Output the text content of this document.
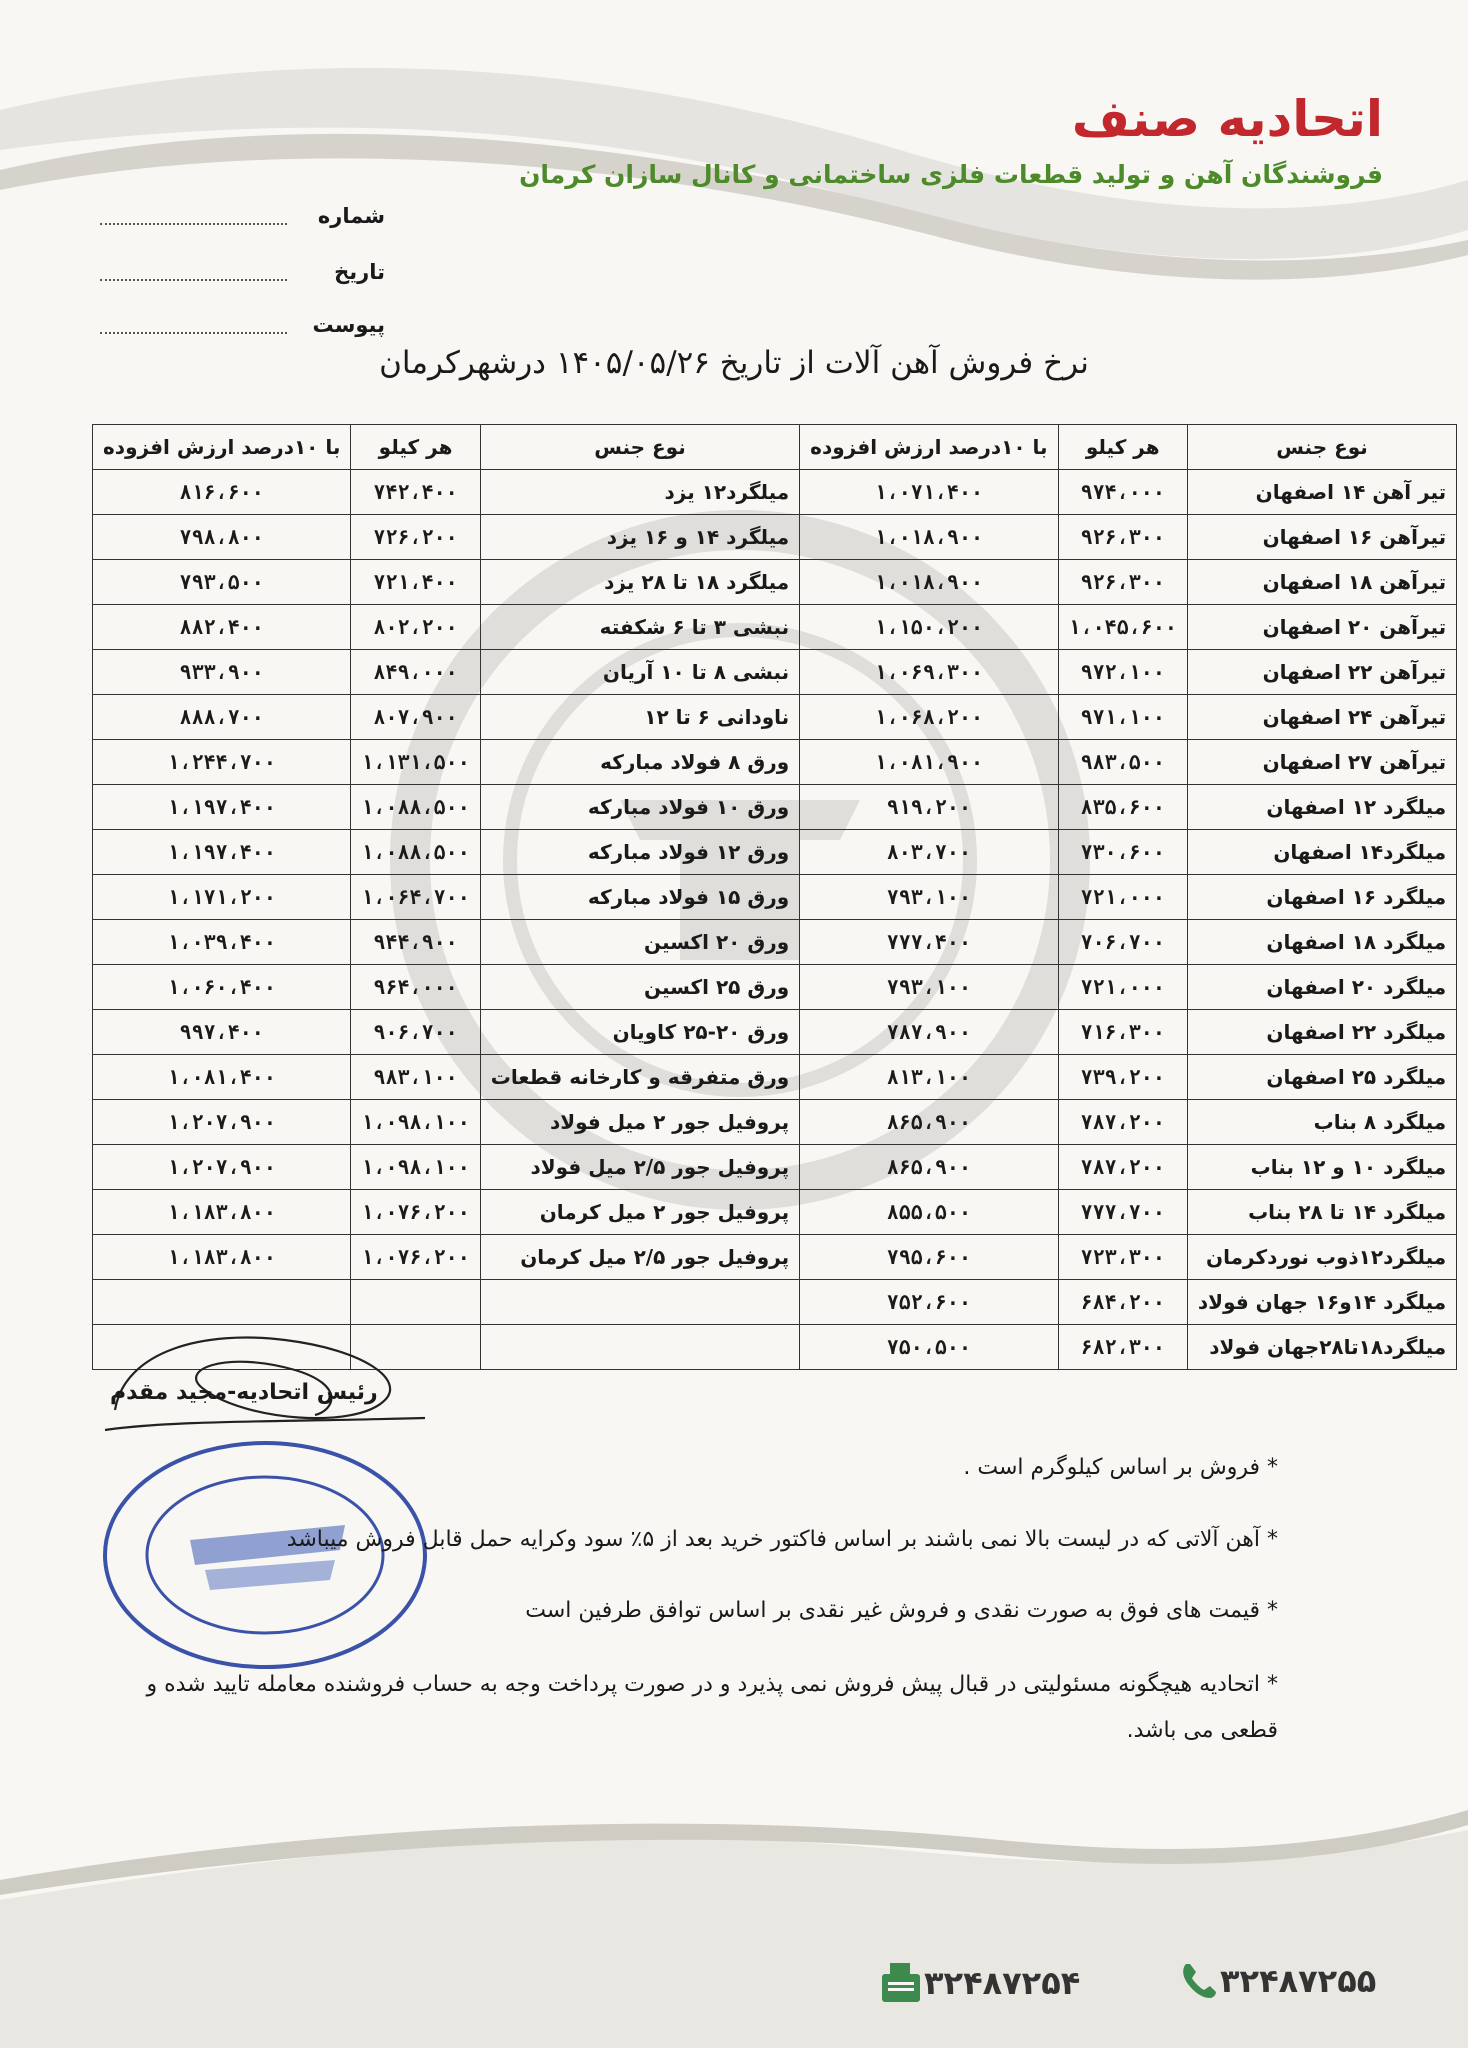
اتحادیه صنف
فروشندگان آهن و تولید قطعات فلزی ساختمانی و کانال سازان کرمان
شماره
تاریخ
پیوست
نرخ فروش آهن آلات از تاریخ ۱۴۰۵/۰۵/۲۶ درشهرکرمان
نوع جنس	هر کیلو	با ۱۰درصد ارزش افزوده	نوع جنس	هر کیلو	با ۱۰درصد ارزش افزوده
تیر آهن ۱۴ اصفهان	۹۷۴،۰۰۰	۱،۰۷۱،۴۰۰	میلگرد۱۲ یزد	۷۴۲،۴۰۰	۸۱۶،۶۰۰
تیرآهن ۱۶ اصفهان	۹۲۶،۳۰۰	۱،۰۱۸،۹۰۰	میلگرد ۱۴ و ۱۶ یزد	۷۲۶،۲۰۰	۷۹۸،۸۰۰
تیرآهن ۱۸ اصفهان	۹۲۶،۳۰۰	۱،۰۱۸،۹۰۰	میلگرد ۱۸ تا ۲۸ یزد	۷۲۱،۴۰۰	۷۹۳،۵۰۰
تیرآهن ۲۰ اصفهان	۱،۰۴۵،۶۰۰	۱،۱۵۰،۲۰۰	نبشی ۳ تا ۶ شکفته	۸۰۲،۲۰۰	۸۸۲،۴۰۰
تیرآهن ۲۲ اصفهان	۹۷۲،۱۰۰	۱،۰۶۹،۳۰۰	نبشی ۸ تا ۱۰ آریان	۸۴۹،۰۰۰	۹۳۳،۹۰۰
تیرآهن ۲۴ اصفهان	۹۷۱،۱۰۰	۱،۰۶۸،۲۰۰	ناودانی ۶ تا ۱۲	۸۰۷،۹۰۰	۸۸۸،۷۰۰
تیرآهن ۲۷ اصفهان	۹۸۳،۵۰۰	۱،۰۸۱،۹۰۰	ورق ۸ فولاد مبارکه	۱،۱۳۱،۵۰۰	۱،۲۴۴،۷۰۰
میلگرد ۱۲ اصفهان	۸۳۵،۶۰۰	۹۱۹،۲۰۰	ورق ۱۰ فولاد مبارکه	۱،۰۸۸،۵۰۰	۱،۱۹۷،۴۰۰
میلگرد۱۴ اصفهان	۷۳۰،۶۰۰	۸۰۳،۷۰۰	ورق ۱۲ فولاد مبارکه	۱،۰۸۸،۵۰۰	۱،۱۹۷،۴۰۰
میلگرد ۱۶ اصفهان	۷۲۱،۰۰۰	۷۹۳،۱۰۰	ورق ۱۵ فولاد مبارکه	۱،۰۶۴،۷۰۰	۱،۱۷۱،۲۰۰
میلگرد ۱۸ اصفهان	۷۰۶،۷۰۰	۷۷۷،۴۰۰	ورق ۲۰ اکسین	۹۴۴،۹۰۰	۱،۰۳۹،۴۰۰
میلگرد ۲۰ اصفهان	۷۲۱،۰۰۰	۷۹۳،۱۰۰	ورق ۲۵ اکسین	۹۶۴،۰۰۰	۱،۰۶۰،۴۰۰
میلگرد ۲۲ اصفهان	۷۱۶،۳۰۰	۷۸۷،۹۰۰	ورق ۲۰-۲۵ کاویان	۹۰۶،۷۰۰	۹۹۷،۴۰۰
میلگرد ۲۵ اصفهان	۷۳۹،۲۰۰	۸۱۳،۱۰۰	ورق متفرقه و کارخانه قطعات	۹۸۳،۱۰۰	۱،۰۸۱،۴۰۰
میلگرد ۸ بناب	۷۸۷،۲۰۰	۸۶۵،۹۰۰	پروفیل جور ۲ میل فولاد	۱،۰۹۸،۱۰۰	۱،۲۰۷،۹۰۰
میلگرد ۱۰ و ۱۲ بناب	۷۸۷،۲۰۰	۸۶۵،۹۰۰	پروفیل جور ۲/۵ میل فولاد	۱،۰۹۸،۱۰۰	۱،۲۰۷،۹۰۰
میلگرد ۱۴ تا ۲۸ بناب	۷۷۷،۷۰۰	۸۵۵،۵۰۰	پروفیل جور ۲ میل کرمان	۱،۰۷۶،۲۰۰	۱،۱۸۳،۸۰۰
میلگرد۱۲ذوب نوردکرمان	۷۲۳،۳۰۰	۷۹۵،۶۰۰	پروفیل جور ۲/۵ میل کرمان	۱،۰۷۶،۲۰۰	۱،۱۸۳،۸۰۰
میلگرد ۱۴و۱۶ جهان فولاد	۶۸۴،۲۰۰	۷۵۲،۶۰۰			
میلگرد۱۸تا۲۸جهان فولاد	۶۸۲،۳۰۰	۷۵۰،۵۰۰			
رئیس اتحادیه-مجید مقدم
* فروش بر اساس کیلوگرم است .
* آهن آلاتی که در لیست بالا نمی باشند بر اساس فاکتور خرید بعد از ۵٪ سود وکرایه حمل قابل فروش میباشد
* قیمت های فوق به صورت نقدی و فروش غیر نقدی بر اساس توافق طرفین است
* اتحادیه هیچگونه مسئولیتی در قبال پیش فروش نمی پذیرد و در صورت پرداخت وجه به حساب فروشنده معامله تایید شده و قطعی می باشد.
۳۲۴۸۷۲۵۴	۳۲۴۸۷۲۵۵
